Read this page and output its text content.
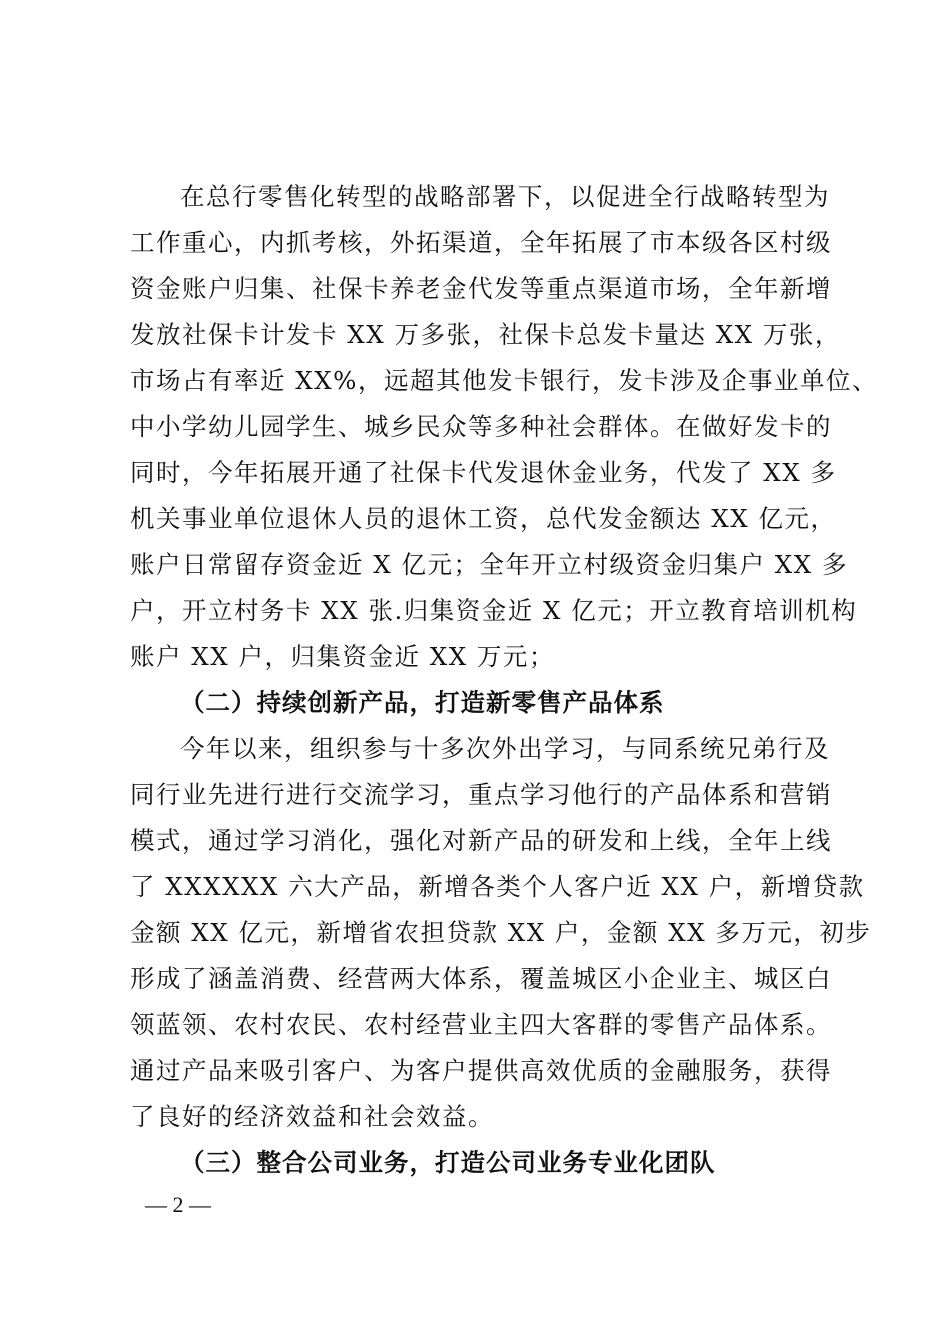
在总行零售化转型的战略部署下，以促进全行战略转型为
工作重心，内抓考核，外拓渠道，全年拓展了市本级各区村级
资金账户归集、社保卡养老金代发等重点渠道市场，全年新增
发放社保卡计发卡 XX 万多张，社保卡总发卡量达 XX 万张，
市场占有率近 XX%，远超其他发卡银行，发卡涉及企事业单位、
中小学幼儿园学生、城乡民众等多种社会群体。在做好发卡的
同时，今年拓展开通了社保卡代发退休金业务，代发了 XX 多
机关事业单位退休人员的退休工资，总代发金额达 XX 亿元，
账户日常留存资金近 X 亿元；全年开立村级资金归集户 XX 多
户，开立村务卡 XX 张.归集资金近 X 亿元；开立教育培训机构
账户 XX 户，归集资金近 XX 万元；
（二）持续创新产品，打造新零售产品体系
今年以来，组织参与十多次外出学习，与同系统兄弟行及
同行业先进行进行交流学习，重点学习他行的产品体系和营销
模式，通过学习消化，强化对新产品的研发和上线，全年上线
了 XXXXXX 六大产品，新增各类个人客户近 XX 户，新增贷款
金额 XX 亿元，新增省农担贷款 XX 户，金额 XX 多万元，初步
形成了涵盖消费、经营两大体系，覆盖城区小企业主、城区白
领蓝领、农村农民、农村经营业主四大客群的零售产品体系。
通过产品来吸引客户、为客户提供高效优质的金融服务，获得
了良好的经济效益和社会效益。
（三）整合公司业务，打造公司业务专业化团队
— 2 —
